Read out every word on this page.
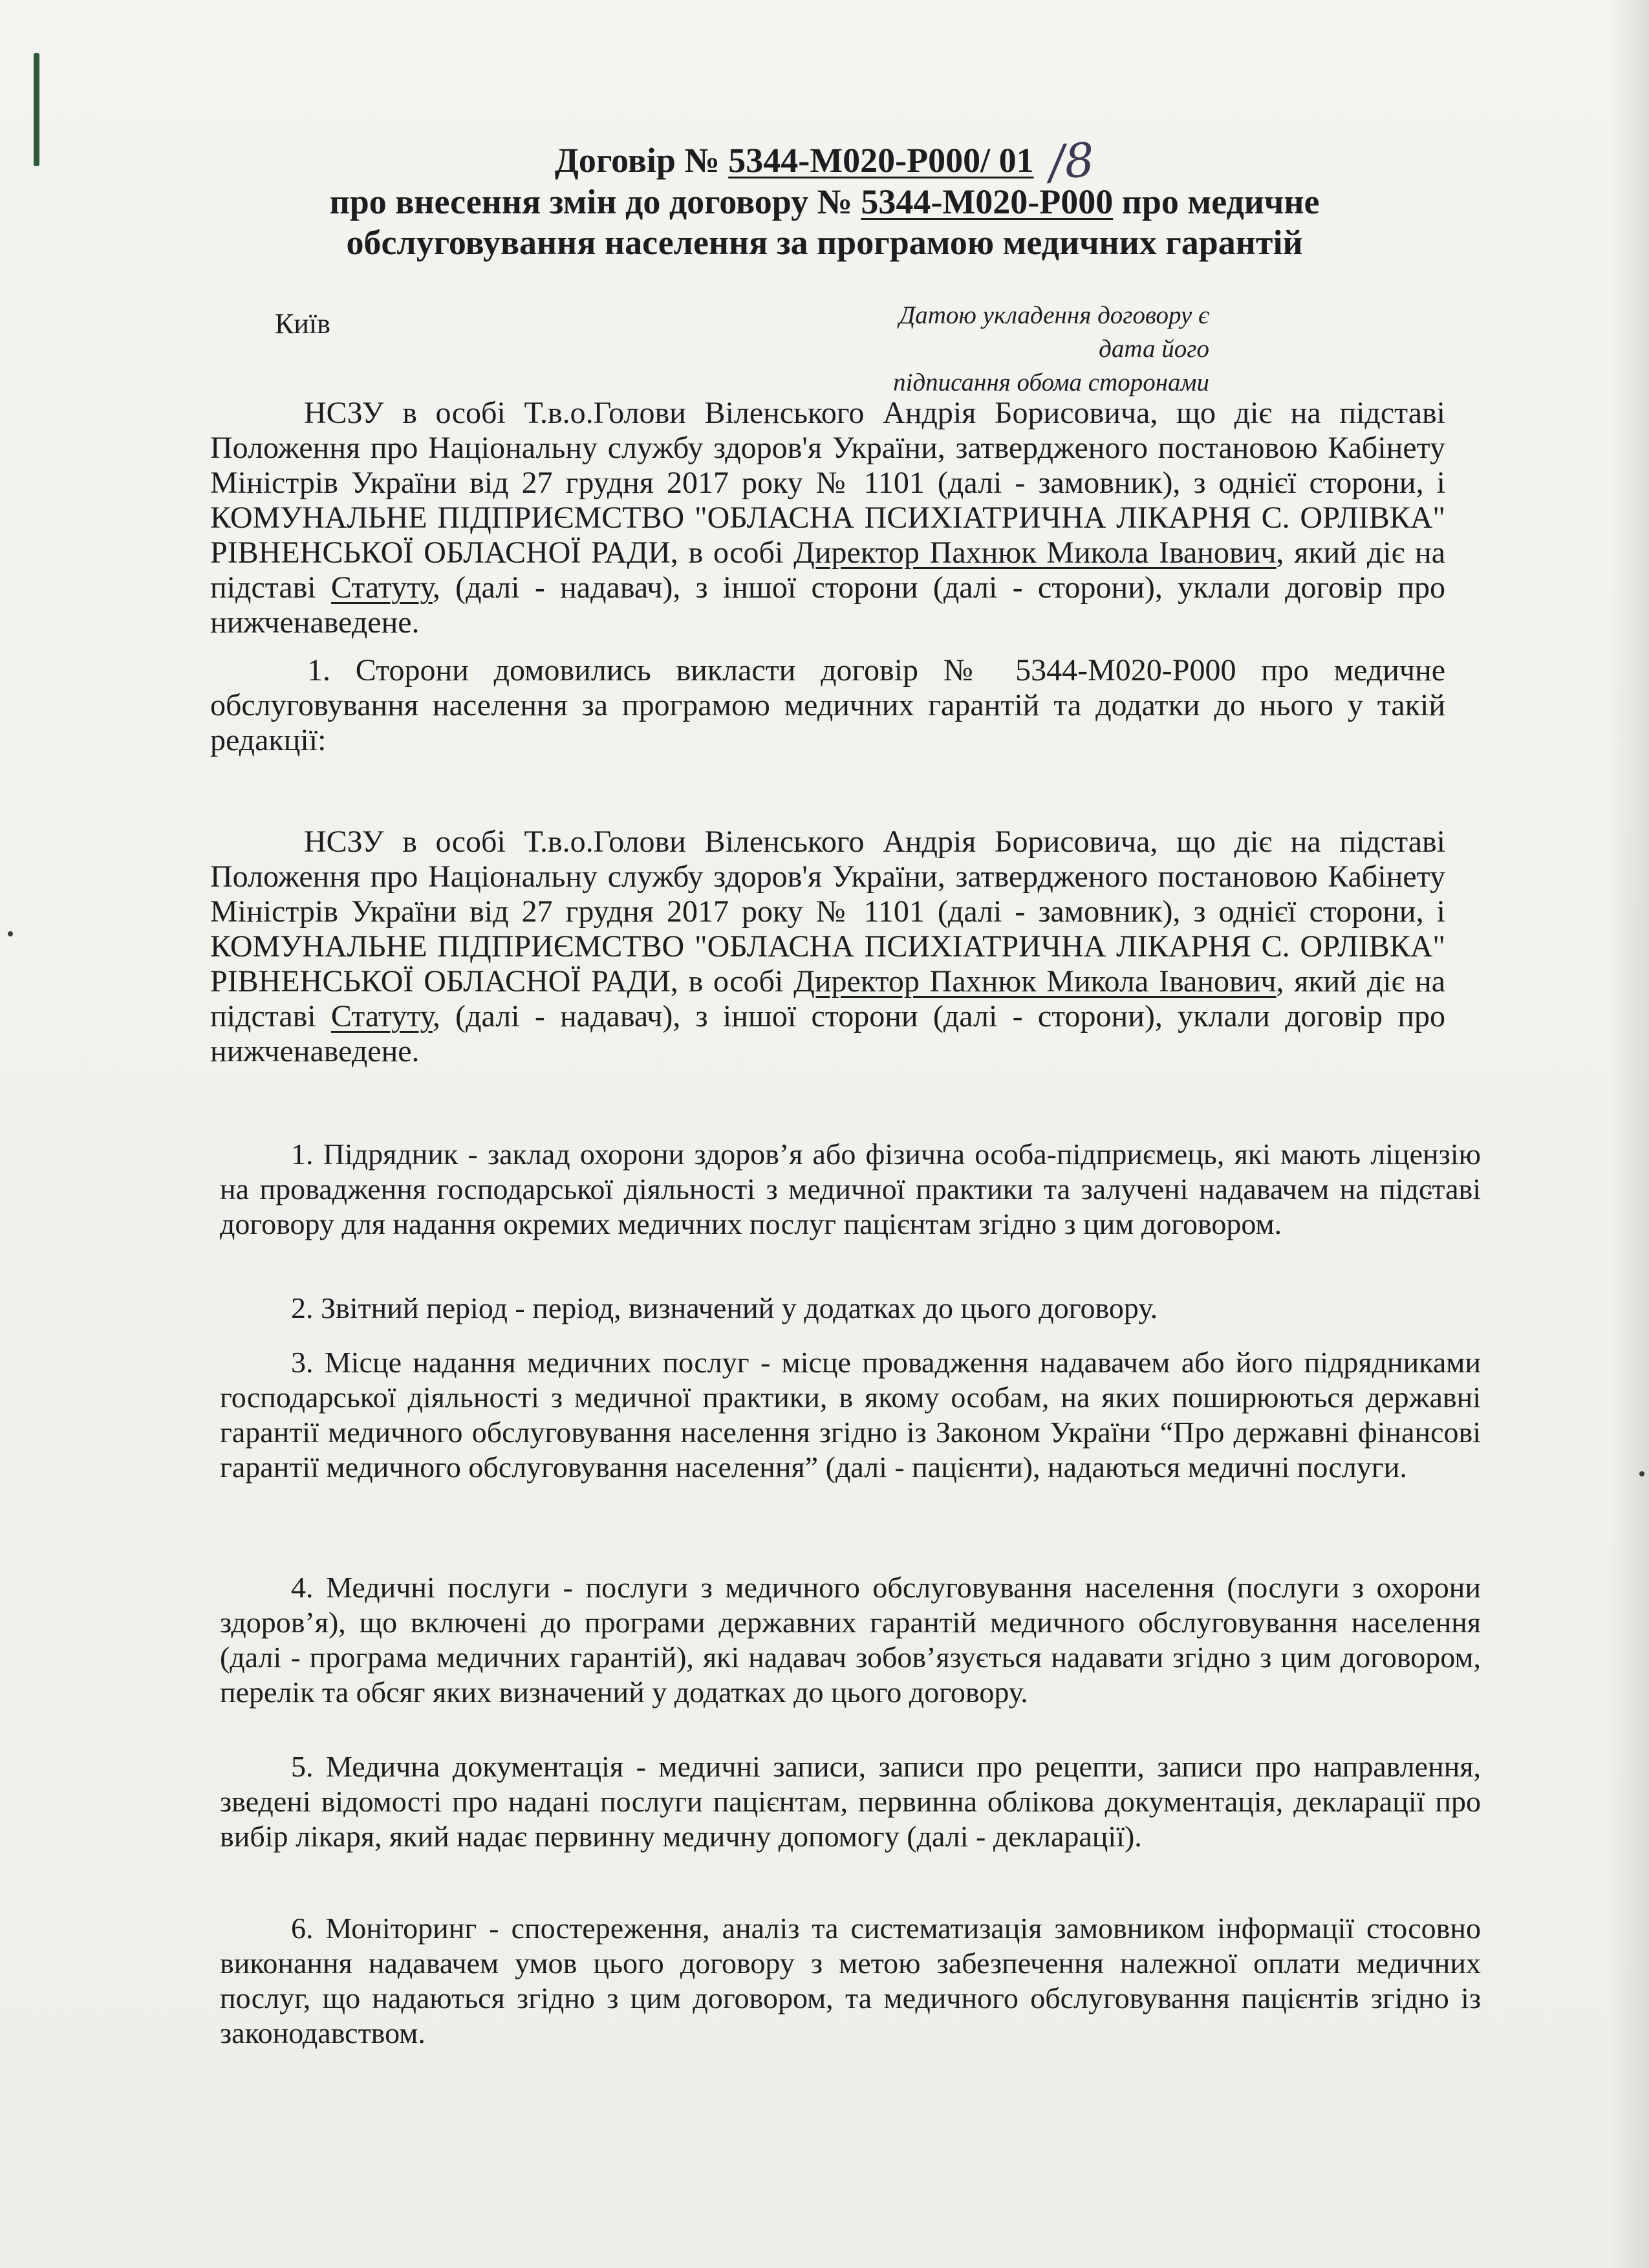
Договір № 5344-M020-P000/ 01 /8
про внесення змін до договору № 5344-M020-P000 про медичне
обслуговування населення за програмою медичних гарантій
Київ	Датою укладення договору є дата його
підписання обома сторонами
НСЗУ в особі Т.в.о.Голови Віленського Андрія Борисовича, що діє на підставі Положення про Національну службу здоров'я України, затвердженого постановою Кабінету Міністрів України від 27 грудня 2017 року № 1101 (далі - замовник), з однієї сторони, і КОМУНАЛЬНЕ ПІДПРИЄМСТВО "ОБЛАСНА ПСИХІАТРИЧНА ЛІКАРНЯ С. ОРЛІВКА" РІВНЕНСЬКОЇ ОБЛАСНОЇ РАДИ, в особі Директор Пахнюк Микола Іванович, який діє на підставі Статуту, (далі - надавач), з іншої сторони (далі - сторони), уклали договір про нижченаведене.
1. Сторони домовились викласти договір № 5344-M020-P000 про медичне обслуговування населення за програмою медичних гарантій та додатки до нього у такій редакції:
НСЗУ в особі Т.в.о.Голови Віленського Андрія Борисовича, що діє на підставі Положення про Національну службу здоров'я України, затвердженого постановою Кабінету Міністрів України від 27 грудня 2017 року № 1101 (далі - замовник), з однієї сторони, і КОМУНАЛЬНЕ ПІДПРИЄМСТВО "ОБЛАСНА ПСИХІАТРИЧНА ЛІКАРНЯ С. ОРЛІВКА" РІВНЕНСЬКОЇ ОБЛАСНОЇ РАДИ, в особі Директор Пахнюк Микола Іванович, який діє на підставі Статуту, (далі - надавач), з іншої сторони (далі - сторони), уклали договір про нижченаведене.
1. Підрядник - заклад охорони здоров’я або фізична особа-підприємець, які мають ліцензію на провадження господарської діяльності з медичної практики та залучені надавачем на підставі договору для надання окремих медичних послуг пацієнтам згідно з цим договором.
2. Звітний період - період, визначений у додатках до цього договору.
3. Місце надання медичних послуг - місце провадження надавачем або його підрядниками господарської діяльності з медичної практики, в якому особам, на яких поширюються державні гарантії медичного обслуговування населення згідно із Законом України “Про державні фінансові гарантії медичного обслуговування населення” (далі - пацієнти), надаються медичні послуги.
4. Медичні послуги - послуги з медичного обслуговування населення (послуги з охорони здоров’я), що включені до програми державних гарантій медичного обслуговування населення (далі - програма медичних гарантій), які надавач зобов’язується надавати згідно з цим договором, перелік та обсяг яких визначений у додатках до цього договору.
5. Медична документація - медичні записи, записи про рецепти, записи про направлення, зведені відомості про надані послуги пацієнтам, первинна облікова документація, декларації про вибір лікаря, який надає первинну медичну допомогу (далі - декларації).
6. Моніторинг - спостереження, аналіз та систематизація замовником інформації стосовно виконання надавачем умов цього договору з метою забезпечення належної оплати медичних послуг, що надаються згідно з цим договором, та медичного обслуговування пацієнтів згідно із законодавством.
